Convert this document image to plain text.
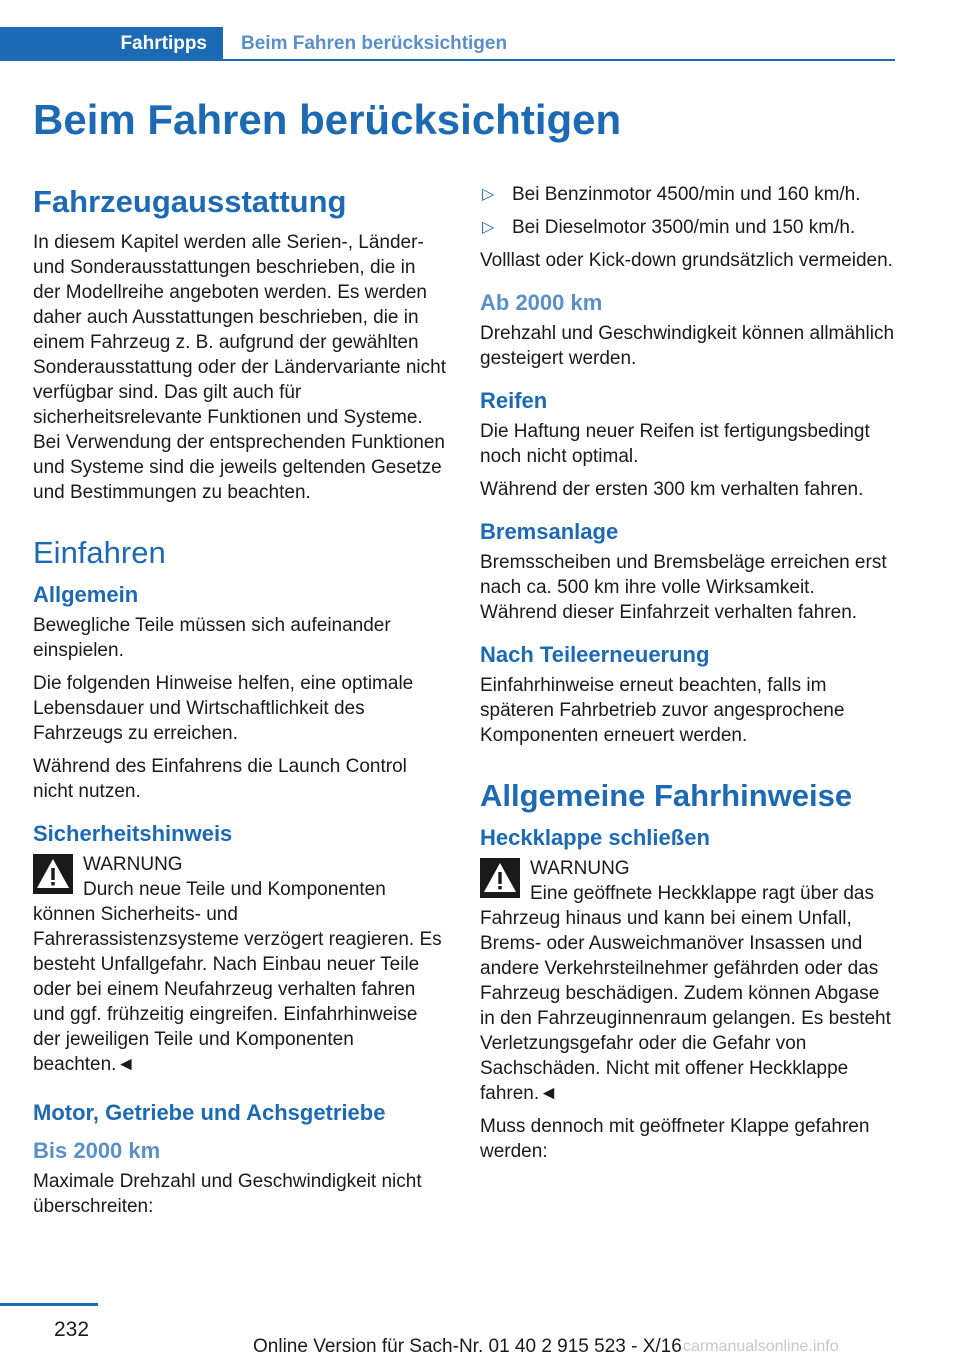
Fahrtipps	Beim Fahren berücksichtigen
Beim Fahren berücksichtigen
Fahrzeugausstattung

In diesem Kapitel werden alle Serien-, Länder- und Sonderausstattungen beschrieben, die in der Modellreihe angeboten werden. Es werden daher auch Ausstattungen beschrieben, die in einem Fahrzeug z. B. aufgrund der gewählten Sonderausstattung oder der Ländervariante nicht verfügbar sind. Das gilt auch für sicherheitsrelevante Funktionen und Systeme. Bei Verwendung der entsprechenden Funktionen und Systeme sind die jeweils geltenden Gesetze und Bestimmungen zu beachten.

Einfahren
Allgemein

Bewegliche Teile müssen sich aufeinander einspielen.

Die folgenden Hinweise helfen, eine optimale Lebensdauer und Wirtschaftlichkeit des Fahrzeugs zu erreichen.

Während des Einfahrens die Launch Control nicht nutzen.

Sicherheitshinweis
WARNUNG
Durch neue Teile und Komponenten können Sicherheits- und Fahrerassistenzsysteme verzögert reagieren. Es besteht Unfallgefahr. Nach Einbau neuer Teile oder bei einem Neufahrzeug verhalten fahren und ggf. frühzeitig eingreifen. Einfahrhinweise der jeweiligen Teile und Komponenten beachten.◄
Motor, Getriebe und Achsgetriebe
Bis 2000 km

Maximale Drehzahl und Geschwindigkeit nicht überschreiten:

▷ Bei Benzinmotor 4500/min und 160 km/h.
▷ Bei Dieselmotor 3500/min und 150 km/h.

Volllast oder Kick-down grundsätzlich vermeiden.

Ab 2000 km

Drehzahl und Geschwindigkeit können allmählich gesteigert werden.

Reifen

Die Haftung neuer Reifen ist fertigungsbedingt noch nicht optimal.

Während der ersten 300 km verhalten fahren.

Bremsanlage

Bremsscheiben und Bremsbeläge erreichen erst nach ca. 500 km ihre volle Wirksamkeit. Während dieser Einfahrzeit verhalten fahren.

Nach Teileerneuerung

Einfahrhinweise erneut beachten, falls im späteren Fahrbetrieb zuvor angesprochene Komponenten erneuert werden.

Allgemeine Fahrhinweise
Heckklappe schließen
WARNUNG
Eine geöffnete Heckklappe ragt über das Fahrzeug hinaus und kann bei einem Unfall, Brems- oder Ausweichmanöver Insassen und andere Verkehrsteilnehmer gefährden oder das Fahrzeug beschädigen. Zudem können Abgase in den Fahrzeuginnenraum gelangen. Es besteht Verletzungsgefahr oder die Gefahr von Sachschäden. Nicht mit offener Heckklappe fahren.◄

Muss dennoch mit geöffneter Klappe gefahren werden:

232
Online Version für Sach-Nr. 01 40 2 915 523 - X/16 carmanualsonline.info
